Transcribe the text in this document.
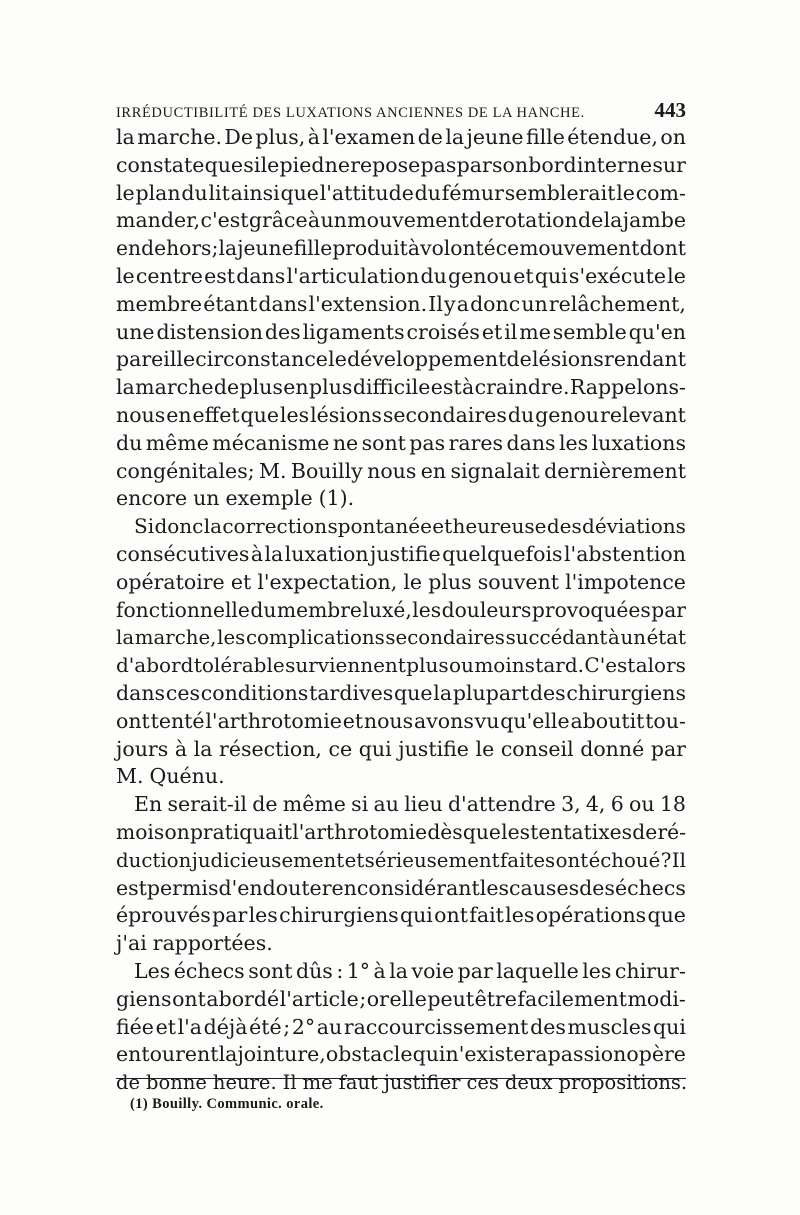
IRRÉDUCTIBILITÉ DES LUXATIONS ANCIENNES DE LA HANCHE.	443
la marche. De plus, à l'examen de la jeune fille étendue, on
constate que si le pied ne repose pas par son bord interne sur
le plan du lit ainsi que l'attitude du fémur semblerait le com-
mander, c'est grâce à un mouvement de rotation de la jambe
en dehors ; la jeune fille produit à volonté ce mouvement dont
le centre est dans l'articulation du genou et qui s'exécute le
membre étant dans l'extension. Il y a donc un relâchement,
une distension des ligaments croisés et il me semble qu'en
pareille circonstance le développement de lésions rendant
la marche de plus en plus difficile est à craindre. Rappelons-
nous en effet que les lésions secondaires du genou relevant
du même mécanisme ne sont pas rares dans les luxations
congénitales; M. Bouilly nous en signalait dernièrement
encore un exemple (1).
Si donc la correction spontanée et heureuse des déviations
consécutives à la luxation justifie quelquefois l'abstention
opératoire et l'expectation, le plus souvent l'impotence
fonctionnelle du membre luxé, les douleurs provoquées par
la marche, les complications secondaires succédant à un état
d'abord tolérable surviennent plus ou moins tard. C'est alors
dans ces conditions tardives que la plupart des chirurgiens
ont tenté l'arthrotomie et nous avons vu qu'elle aboutit tou-
jours à la résection, ce qui justifie le conseil donné par
M. Quénu.
En serait-il de même si au lieu d'attendre 3, 4, 6 ou 18
mois on pratiquait l'arthrotomie dès que les tentatixes de ré-
duction judicieusement et sérieusement faites ont échoué ? Il
est permis d'en douter en considérant les causes des échecs
éprouvés par les chirurgiens qui ont fait les opérations que
j'ai rapportées.
Les échecs sont dûs : 1° à la voie par laquelle les chirur-
giens ont abordé l'article ; or elle peut être facilement modi-
fiée et l'a déjà été ; 2° au raccourcissement des muscles qui
entourent la jointure, obstacle qui n'existera pas si on opère
de bonne heure. Il me faut justifier ces deux propositions.
(1) Bouilly. Communic. orale.
